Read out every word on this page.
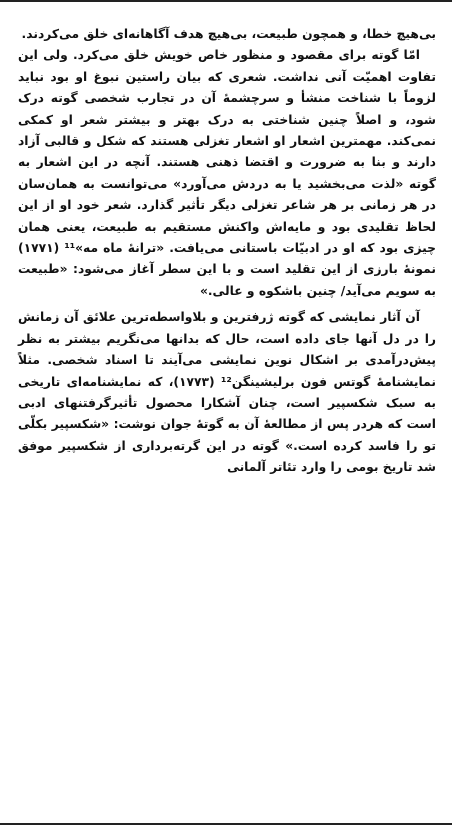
بی‌هیچ خطا، و همچون طبیعت، بی‌هیچ هدف آگاهانه‌ای خلق می‌کردند.

امّا گوته برای مقصود و منظور خاص خویش خلق می‌کرد. ولی این تفاوت اهمیّت آنی نداشت. شعری که بیان راستین نبوغ او بود نباید لزوماً با شناخت منشأ و سرچشمهٔ آن در تجارب شخصی گوته درک شود، و اصلاً چنین شناختی به درک بهتر و بیشتر شعر او کمکی نمی‌کند. مهمترین اشعار او اشعار تغزلی هستند که شکل و قالبی آزاد دارند و بنا به ضرورت و اقتضا ذهنی هستند. آنچه در این اشعار به گوته «لذت می‌بخشید یا به دردش می‌آورد» می‌توانست به همان‌سان در هر زمانی بر هر شاعر تغزلی دیگر تأثیر گذارد. شعر خود او از این لحاظ تقلیدی بود و مایه‌اش واکنش مستقیم به طبیعت، یعنی همان چیزی بود که او در ادبیّات باستانی می‌یافت. «ترانهٔ ماه مه»¹¹ (۱۷۷۱) نمونهٔ بارزی از این تقلید است و با این سطر آغاز می‌شود: «طبیعت به سویم می‌آید/ چنین باشکوه و عالی.»

آن آثار نمایشی که گوته ژرفترین و بلاواسطه‌ترین علائق آن زمانش را در دل آنها جای داده است، حال که بدانها می‌نگریم بیشتر به نظر پیش‌درآمدی بر اشکال نوین نمایشی می‌آیند تا اسناد شخصی. مثلاً نمایشنامهٔ گوتس فون برلیشینگن¹² (۱۷۷۳)، که نمایشنامه‌ای تاریخی به سبک شکسپیر است، چنان آشکارا محصول تأثیرگرفتنهای ادبی است که هردر پس از مطالعهٔ آن به گوتهٔ جوان نوشت: «شکسپیر بکلّی تو را فاسد کرده است.» گوته در این گرته‌برداری از شکسپیر موفق شد تاریخ بومی را وارد تئاتر آلمانی
